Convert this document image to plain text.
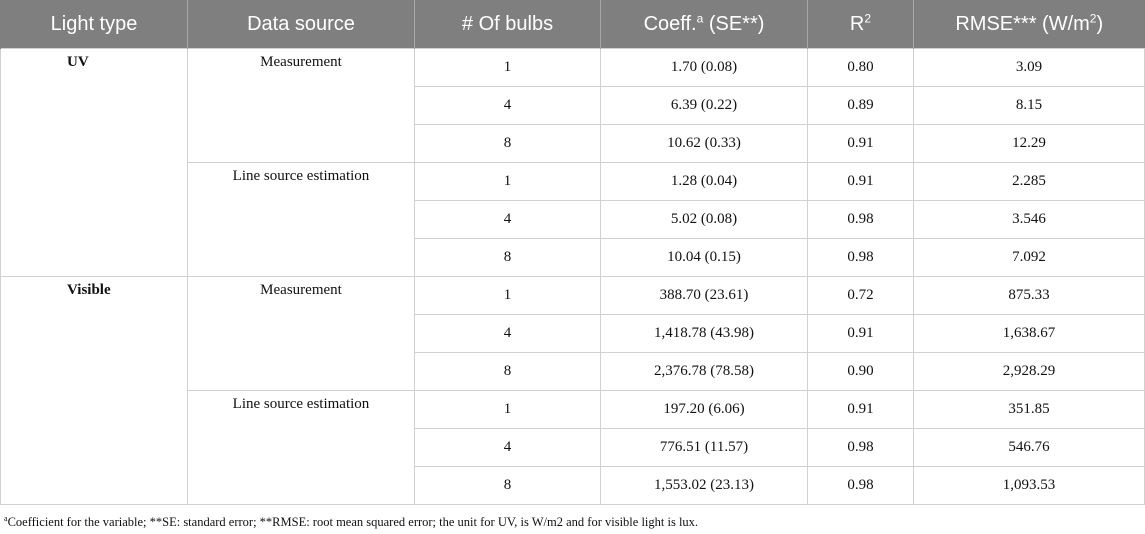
Light type	Data source	# Of bulbs	Coeff.$^a$ (SE**)	$R^2$	RMSE*** $(W/m^2)$
UV	Measurement	1	1.70 (0.08)	0.80	3.09
		4	6.39 (0.22)	0.89	8.15
		8	10.62 (0.33)	0.91	12.29
	Line source estimation	1	1.28 (0.04)	0.91	2.285
		4	5.02 (0.08)	0.98	3.546
		8	10.04 (0.15)	0.98	7.092
Visible	Measurement	1	388.70 (23.61)	0.72	875.33
		4	1,418.78 (43.98)	0.91	1,638.67
		8	2,376.78 (78.58)	0.90	2,928.29
	Line source estimation	1	197.20 (6.06)	0.91	351.85
		4	776.51 (11.57)	0.98	546.76
		8	1,553.02 (23.13)	0.98	1,093.53
$^a$Coefficient for the variable; **SE: standard error; **RMSE: root mean squared error; the unit for UV, is W/m2 and for visible light is lux.
